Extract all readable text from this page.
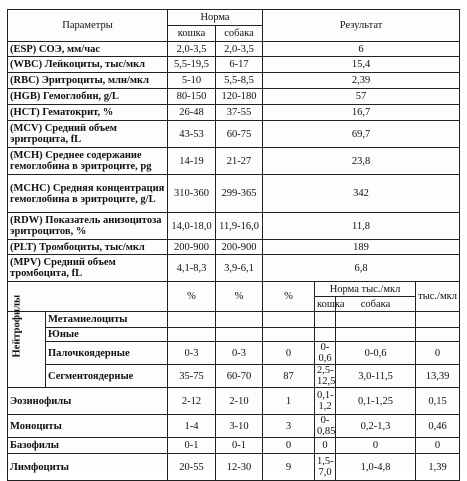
Параметры		Норма		Результат			
		кошка	собака				
(ESP) СОЭ, мм/час		2,0-3,5	2,0-3,5	6			
(WBC) Лейкоциты, тыс/мкл		5,5-19,5	6-17	15,4			
(RBC) Эритроциты, млн/мкл		5-10	5,5-8,5	2,39			
(HGB) Гемоглобин, g/L		80-150	120-180	57			
(HCT) Гематокрит, %		26-48	37-55	16,7			
(MCV) Средний объем эритроцита, fL		43-53	60-75	69,7			
(MCH) Среднее содержание гемоглобина в эритроците, pg		14-19	21-27	23,8			
(MCHC) Средняя концентрация гемоглобина в эритроците, g/L		310-360	299-365	342			
(RDW) Показатель анизоцитоза эритроцитов, %		14,0-18,0	11,9-16,0	11,8			
(PLT) Тромбоциты, тыс/мкл		200-900	200-900	189			
(MPV) Средний объем тромбоцита, fL		4,1-8,3	3,9-6,1	6,8			
		%	%	%	Норма тыс./мкл		тыс./мкл
					кошка	собака	

Нейтрофилы	Метамиелоциты						
	Юные						
	Палочкоядерные	0-3	0-3	0	0-0,6	0-0,6	0
	Сегментоядерные	35-75	60-70	87	2,5-12,5	3,0-11,5	13,39
Эозинофилы		2-12	2-10	1	0,1-1,2	0,1-1,25	0,15
Моноциты		1-4	3-10	3	0-0,85	0,2-1,3	0,46
Базофилы		0-1	0-1	0	0	0	0
Лимфоциты		20-55	12-30	9	1,5-7,0	1,0-4,8	1,39
